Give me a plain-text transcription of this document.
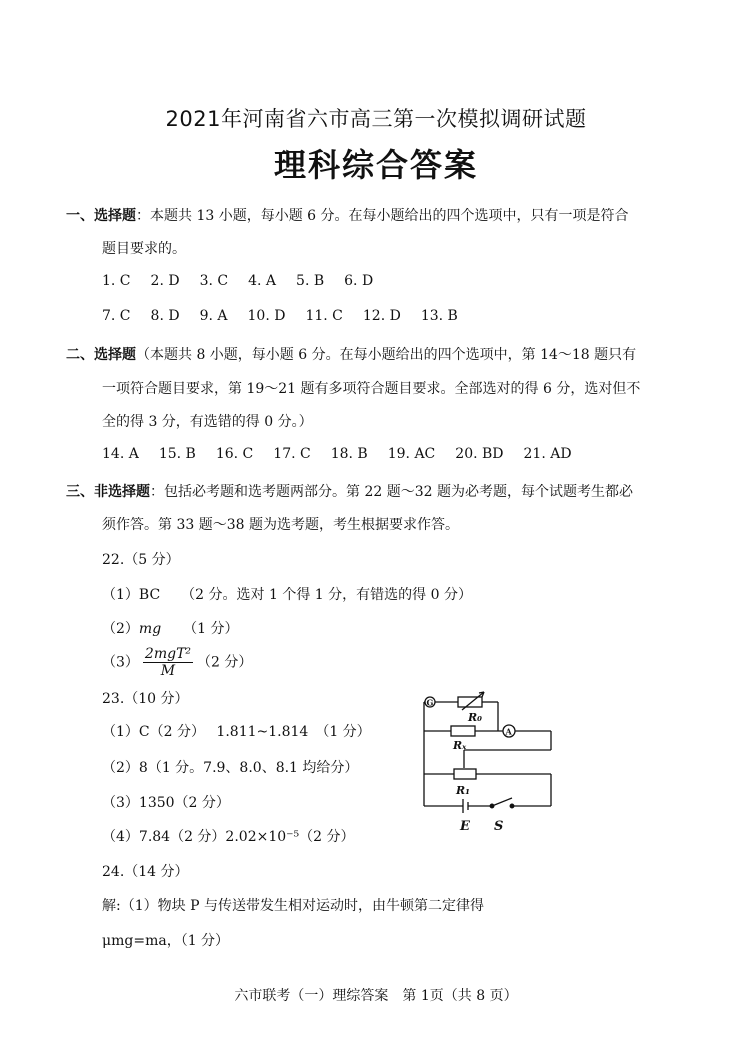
2021年河南省六市高三第一次模拟调研试题
理科综合答案
一、选择题：本题共 13 小题，每小题 6 分。在每小题给出的四个选项中，只有一项是符合
题目要求的。
1. C 2. D 3. C 4. A 5. B 6. D
7. C 8. D 9. A 10. D 11. C 12. D 13. B
二、选择题（本题共 8 小题，每小题 6 分。在每小题给出的四个选项中，第 14～18 题只有
一项符合题目要求，第 19～21 题有多项符合题目要求。全部选对的得 6 分，选对但不
全的得 3 分，有选错的得 0 分。）
14. A 15. B 16. C 17. C 18. B 19. AC 20. BD 21. AD
三、非选择题：包括必考题和选考题两部分。第 22 题～32 题为必考题，每个试题考生都必
须作答。第 33 题～38 题为选考题，考生根据要求作答。
22.（5 分）
（1）BC　　（2 分。选对 1 个得 1 分，有错选的得 0 分）
（2）mg （1 分）
$(3) \frac{\text{2mgT²}}{M} (2$ 分）
23.（10 分）
（1）C（2 分）　 1.811~1.814　（1 分）
（2）8（1 分。7.9、8.0、8.1 均给分）
（3）1350（2 分）
（4）7.84（2 分）2.02×10⁻⁵（2 分）
G
R₀
A
Rₓ
R₁
E S
24.（14 分）
解:（1）物块 P 与传送带发生相对运动时，由牛顿第二定律得
μmg=ma，（1 分）
六市联考（一）理综答案　第 1页（共 8 页）
